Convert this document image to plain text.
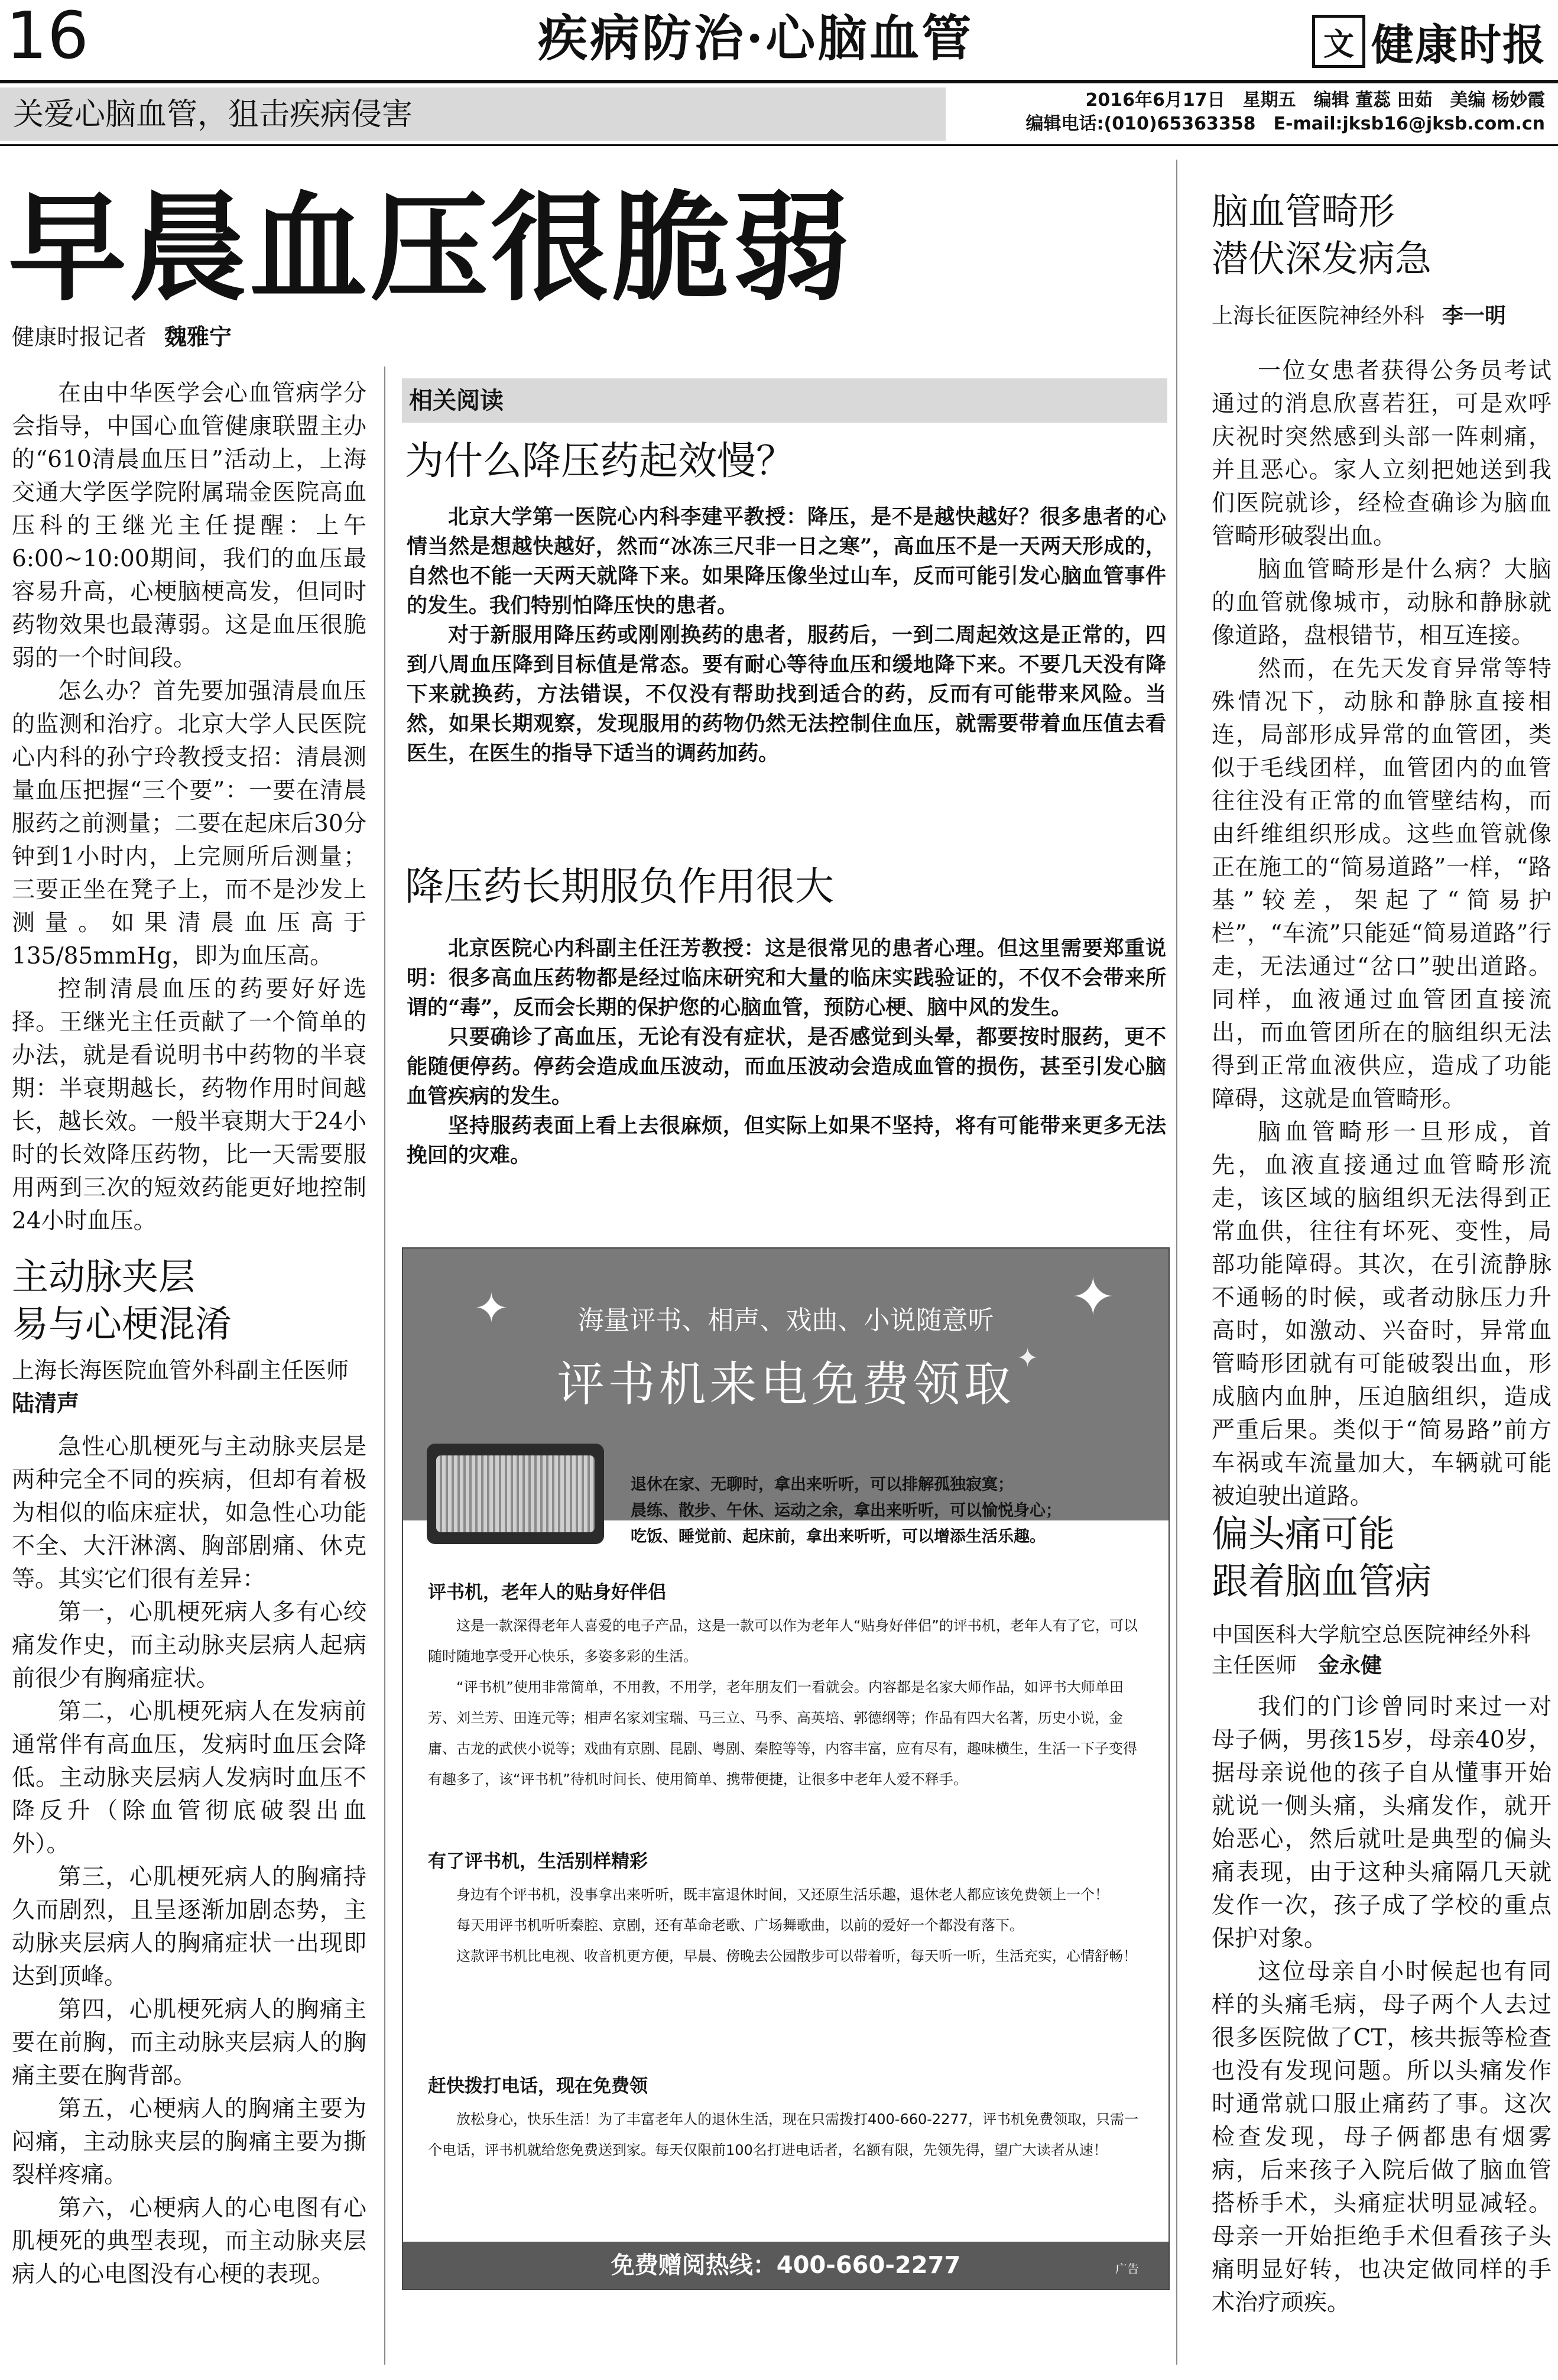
16	疾病防治·心脑血管	文 健康时报
关爱心脑血管，狙击疾病侵害	2016年6月17日　星期五　编辑 董蕊 田茹　美编 杨妙霞
编辑电话:(010)65363358　E-mail:jksb16@jksb.com.cn
早晨血压很脆弱
健康时报记者 魏雅宁

在由中华医学会心血管病学分会指导，中国心血管健康联盟主办的“610清晨血压日”活动上，上海交通大学医学院附属瑞金医院高血压科的王继光主任提醒：上午6:00~10:00期间，我们的血压最容易升高，心梗脑梗高发，但同时药物效果也最薄弱。这是血压很脆弱的一个时间段。

怎么办？首先要加强清晨血压的监测和治疗。北京大学人民医院心内科的孙宁玲教授支招：清晨测量血压把握“三个要”：一要在清晨服药之前测量；二要在起床后30分钟到1小时内，上完厕所后测量；三要正坐在凳子上，而不是沙发上测量。如果清晨血压高于135/85mmHg，即为血压高。

控制清晨血压的药要好好选择。王继光主任贡献了一个简单的办法，就是看说明书中药物的半衰期：半衰期越长，药物作用时间越长，越长效。一般半衰期大于24小时的长效降压药物，比一天需要服用两到三次的短效药能更好地控制24小时血压。

相关阅读
为什么降压药起效慢？

北京大学第一医院心内科李建平教授：降压，是不是越快越好？很多患者的心情当然是想越快越好，然而“冰冻三尺非一日之寒”，高血压不是一天两天形成的，自然也不能一天两天就降下来。如果降压像坐过山车，反而可能引发心脑血管事件的发生。我们特别怕降压快的患者。

对于新服用降压药或刚刚换药的患者，服药后，一到二周起效这是正常的，四到八周血压降到目标值是常态。要有耐心等待血压和缓地降下来。不要几天没有降下来就换药，方法错误，不仅没有帮助找到适合的药，反而有可能带来风险。当然，如果长期观察，发现服用的药物仍然无法控制住血压，就需要带着血压值去看医生，在医生的指导下适当的调药加药。

降压药长期服负作用很大

北京医院心内科副主任汪芳教授：这是很常见的患者心理。但这里需要郑重说明：很多高血压药物都是经过临床研究和大量的临床实践验证的，不仅不会带来所谓的“毒”，反而会长期的保护您的心脑血管，预防心梗、脑中风的发生。

只要确诊了高血压，无论有没有症状，是否感觉到头晕，都要按时服药，更不能随便停药。停药会造成血压波动，而血压波动会造成血管的损伤，甚至引发心脑血管疾病的发生。

坚持服药表面上看上去很麻烦，但实际上如果不坚持，将有可能带来更多无法挽回的灾难。

主动脉夹层
易与心梗混淆
上海长海医院血管外科副主任医师　陆清声

急性心肌梗死与主动脉夹层是两种完全不同的疾病，但却有着极为相似的临床症状，如急性心功能不全、大汗淋漓、胸部剧痛、休克等。其实它们很有差异：

第一，心肌梗死病人多有心绞痛发作史，而主动脉夹层病人起病前很少有胸痛症状。

第二，心肌梗死病人在发病前通常伴有高血压，发病时血压会降低。主动脉夹层病人发病时血压不降反升（除血管彻底破裂出血外）。

第三，心肌梗死病人的胸痛持久而剧烈，且呈逐渐加剧态势，主动脉夹层病人的胸痛症状一出现即达到顶峰。

第四，心肌梗死病人的胸痛主要在前胸，而主动脉夹层病人的胸痛主要在胸背部。

第五，心梗病人的胸痛主要为闷痛，主动脉夹层的胸痛主要为撕裂样疼痛。

第六，心梗病人的心电图有心肌梗死的典型表现，而主动脉夹层病人的心电图没有心梗的表现。

✦	✦
✦
海量评书、相声、戏曲、小说随意听
评书机来电免费领取
退休在家、无聊时，拿出来听听，可以排解孤独寂寞；
晨练、散步、午休、运动之余，拿出来听听，可以愉悦身心；
吃饭、睡觉前、起床前，拿出来听听，可以增添生活乐趣。
评书机，老年人的贴身好伴侣

这是一款深得老年人喜爱的电子产品，这是一款可以作为老年人“贴身好伴侣”的评书机，老年人有了它，可以随时随地享受开心快乐，多姿多彩的生活。

“评书机”使用非常简单，不用教，不用学，老年朋友们一看就会。内容都是名家大师作品，如评书大师单田芳、刘兰芳、田连元等；相声名家刘宝瑞、马三立、马季、高英培、郭德纲等；作品有四大名著，历史小说，金庸、古龙的武侠小说等；戏曲有京剧、昆剧、粤剧、秦腔等等，内容丰富，应有尽有，趣味横生，生活一下子变得有趣多了，该“评书机”待机时间长、使用简单、携带便捷，让很多中老年人爱不释手。

有了评书机，生活别样精彩

身边有个评书机，没事拿出来听听，既丰富退休时间，又还原生活乐趣，退休老人都应该免费领上一个！

每天用评书机听听秦腔、京剧，还有革命老歌、广场舞歌曲，以前的爱好一个都没有落下。

这款评书机比电视、收音机更方便，早晨、傍晚去公园散步可以带着听，每天听一听，生活充实，心情舒畅！

赶快拨打电话，现在免费领

放松身心，快乐生活！为了丰富老年人的退休生活，现在只需拨打400-660-2277，评书机免费领取，只需一个电话，评书机就给您免费送到家。每天仅限前100名打进电话者，名额有限，先领先得，望广大读者从速！

免费赠阅热线：400-660-2277	广告
脑血管畸形
潜伏深发病急
上海长征医院神经外科 李一明

一位女患者获得公务员考试通过的消息欣喜若狂，可是欢呼庆祝时突然感到头部一阵刺痛，并且恶心。家人立刻把她送到我们医院就诊，经检查确诊为脑血管畸形破裂出血。

脑血管畸形是什么病？大脑的血管就像城市，动脉和静脉就像道路，盘根错节，相互连接。

然而，在先天发育异常等特殊情况下，动脉和静脉直接相连，局部形成异常的血管团，类似于毛线团样，血管团内的血管往往没有正常的血管壁结构，而由纤维组织形成。这些血管就像正在施工的“简易道路”一样，“路基”较差，架起了“简易护栏”，“车流”只能延“简易道路”行走，无法通过“岔口”驶出道路。同样，血液通过血管团直接流出，而血管团所在的脑组织无法得到正常血液供应，造成了功能障碍，这就是血管畸形。

脑血管畸形一旦形成，首先，血液直接通过血管畸形流走，该区域的脑组织无法得到正常血供，往往有坏死、变性，局部功能障碍。其次，在引流静脉不通畅的时候，或者动脉压力升高时，如激动、兴奋时，异常血管畸形团就有可能破裂出血，形成脑内血肿，压迫脑组织，造成严重后果。类似于“简易路”前方车祸或车流量加大，车辆就可能被迫驶出道路。

偏头痛可能
跟着脑血管病
中国医科大学航空总医院神经外科主任医师　 金永健

我们的门诊曾同时来过一对母子俩，男孩15岁，母亲40岁，据母亲说他的孩子自从懂事开始就说一侧头痛，头痛发作，就开始恶心，然后就吐是典型的偏头痛表现，由于这种头痛隔几天就发作一次，孩子成了学校的重点保护对象。

这位母亲自小时候起也有同样的头痛毛病，母子两个人去过很多医院做了CT，核共振等检查也没有发现问题。所以头痛发作时通常就口服止痛药了事。这次检查发现，母子俩都患有烟雾病，后来孩子入院后做了脑血管搭桥手术，头痛症状明显减轻。母亲一开始拒绝手术但看孩子头痛明显好转，也决定做同样的手术治疗顽疾。
